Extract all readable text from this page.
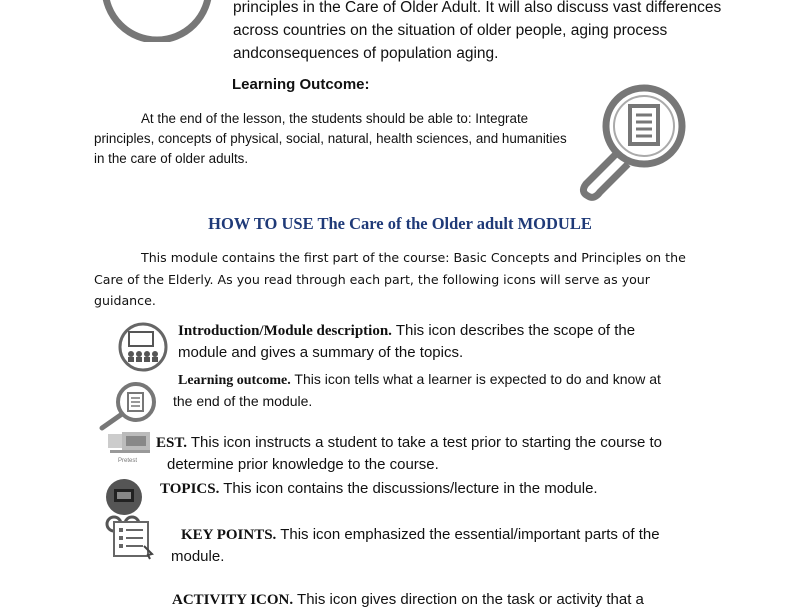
principles in the Care of Older Adult. It will also discuss vast differences
across countries on the situation of older people, aging process
andconsequences of population aging.
Learning Outcome:
At the end of the lesson, the students should be able to: Integrate
principles, concepts of physical, social, natural, health sciences, and humanities
in the care of older adults.
HOW TO USE The Care of the Older adult MODULE
This module contains the first part of the course: Basic Concepts and Principles on the
Care of the Elderly. As you read through each part, the following icons will serve as your
guidance.
Pretest
Introduction/Module description. This icon describes the scope of the
module and gives a summary of the topics.
Learning outcome. This icon tells what a learner is expected to do and know at
the end of the module.
EST. This icon instructs a student to take a test prior to starting the course to
determine prior knowledge to the course.
TOPICS. This icon contains the discussions/lecture in the module.
KEY POINTS. This icon emphasized the essential/important parts of the
module.
ACTIVITY ICON. This icon gives direction on the task or activity that a
